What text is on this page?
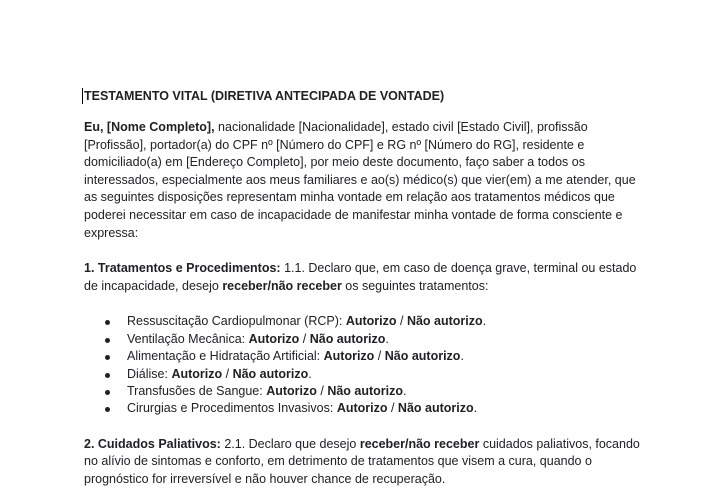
TESTAMENTO VITAL (DIRETIVA ANTECIPADA DE VONTADE)

Eu, [Nome Completo], nacionalidade [Nacionalidade], estado civil [Estado Civil], profissão [Profissão], portador(a) do CPF nº [Número do CPF] e RG nº [Número do RG], residente e domiciliado(a) em [Endereço Completo], por meio deste documento, faço saber a todos os interessados, especialmente aos meus familiares e ao(s) médico(s) que vier(em) a me atender, que as seguintes disposições representam minha vontade em relação aos tratamentos médicos que poderei necessitar em caso de incapacidade de manifestar minha vontade de forma consciente e expressa:

1. Tratamentos e Procedimentos: 1.1. Declaro que, em caso de doença grave, terminal ou estado de incapacidade, desejo receber/não receber os seguintes tratamentos:

Ressuscitação Cardiopulmonar (RCP): Autorizo / Não autorizo.
Ventilação Mecânica: Autorizo / Não autorizo.
Alimentação e Hidratação Artificial: Autorizo / Não autorizo.
Diálise: Autorizo / Não autorizo.
Transfusões de Sangue: Autorizo / Não autorizo.
Cirurgias e Procedimentos Invasivos: Autorizo / Não autorizo.

2. Cuidados Paliativos: 2.1. Declaro que desejo receber/não receber cuidados paliativos, focando no alívio de sintomas e conforto, em detrimento de tratamentos que visem a cura, quando o prognóstico for irreversível e não houver chance de recuperação.
